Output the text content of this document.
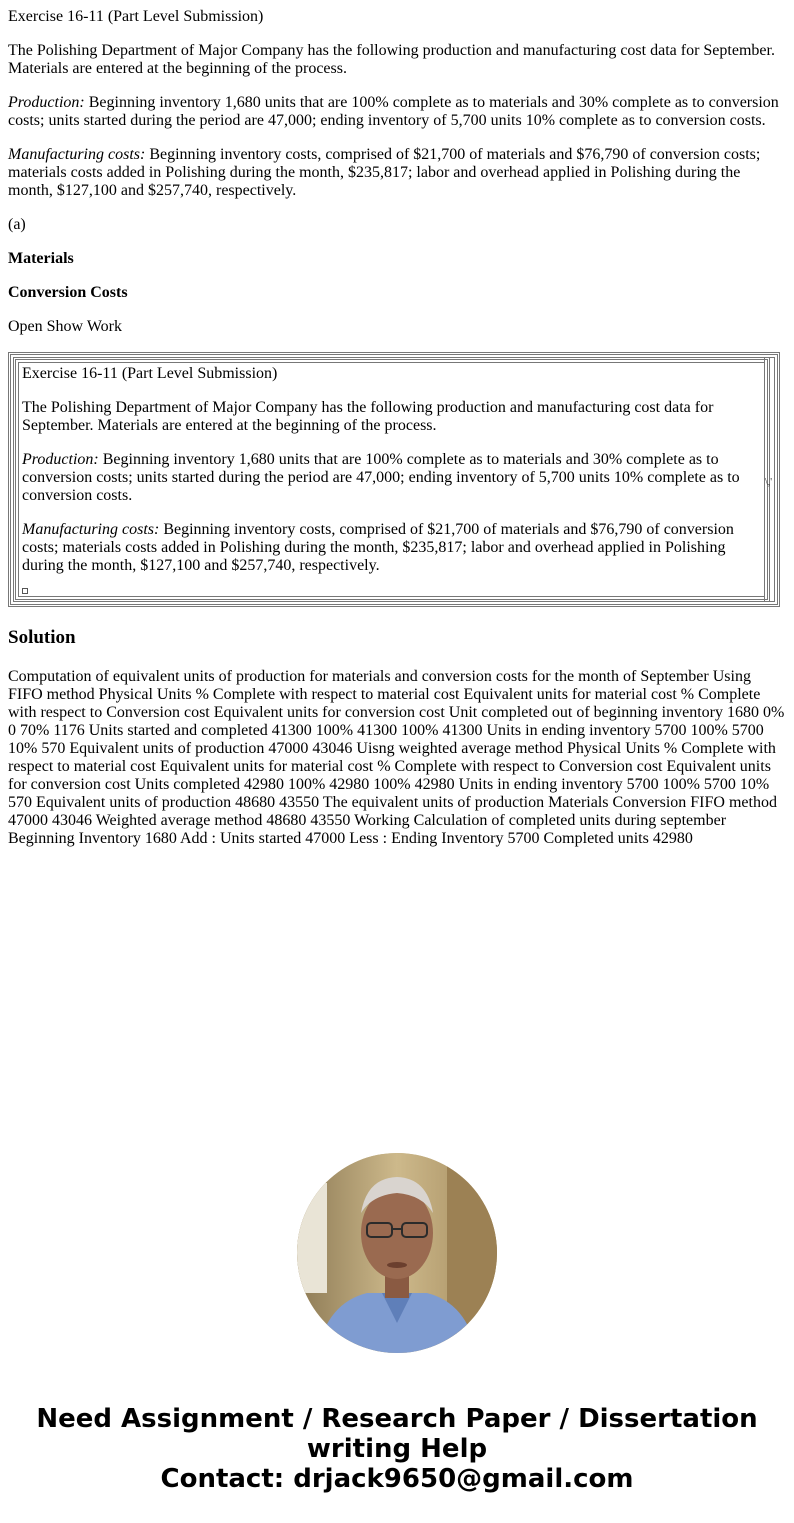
Exercise 16-11 (Part Level Submission)

The Polishing Department of Major Company has the following production and manufacturing cost data for September. Materials are entered at the beginning of the process.

Production: Beginning inventory 1,680 units that are 100% complete as to materials and 30% complete as to conversion costs; units started during the period are 47,000; ending inventory of 5,700 units 10% complete as to conversion costs.

Manufacturing costs: Beginning inventory costs, comprised of $21,700 of materials and $76,790 of conversion costs; materials costs added in Polishing during the month, $235,817; labor and overhead applied in Polishing during the month, $127,100 and $257,740, respectively.

(a)

Materials

Conversion Costs

Open Show Work

Exercise 16-11 (Part Level Submission)

The Polishing Department of Major Company has the following production and manufacturing cost data for September. Materials are entered at the beginning of the process.

Production: Beginning inventory 1,680 units that are 100% complete as to materials and 30% complete as to conversion costs; units started during the period are 47,000; ending inventory of 5,700 units 10% complete as to conversion costs.

Manufacturing costs: Beginning inventory costs, comprised of $21,700 of materials and $76,790 of conversion costs; materials costs added in Polishing during the month, $235,817; labor and overhead applied in Polishing during the month, $127,100 and $257,740, respectively.

\,'
Solution

Computation of equivalent units of production for materials and conversion costs for the month of September Using FIFO method Physical Units % Complete with respect to material cost Equivalent units for material cost % Complete with respect to Conversion cost Equivalent units for conversion cost Unit completed out of beginning inventory 1680 0% 0 70% 1176 Units started and completed 41300 100% 41300 100% 41300 Units in ending inventory 5700 100% 5700 10% 570 Equivalent units of production 47000 43046 Uisng weighted average method Physical Units % Complete with respect to material cost Equivalent units for material cost % Complete with respect to Conversion cost Equivalent units for conversion cost Units completed 42980 100% 42980 100% 42980 Units in ending inventory 5700 100% 5700 10% 570 Equivalent units of production 48680 43550 The equivalent units of production Materials Conversion FIFO method 47000 43046 Weighted average method 48680 43550 Working Calculation of completed units during september Beginning Inventory 1680 Add : Units started 47000 Less : Ending Inventory 5700 Completed units 42980

Need Assignment / Research Paper / Dissertation
writing Help
Contact: drjack9650@gmail.com
